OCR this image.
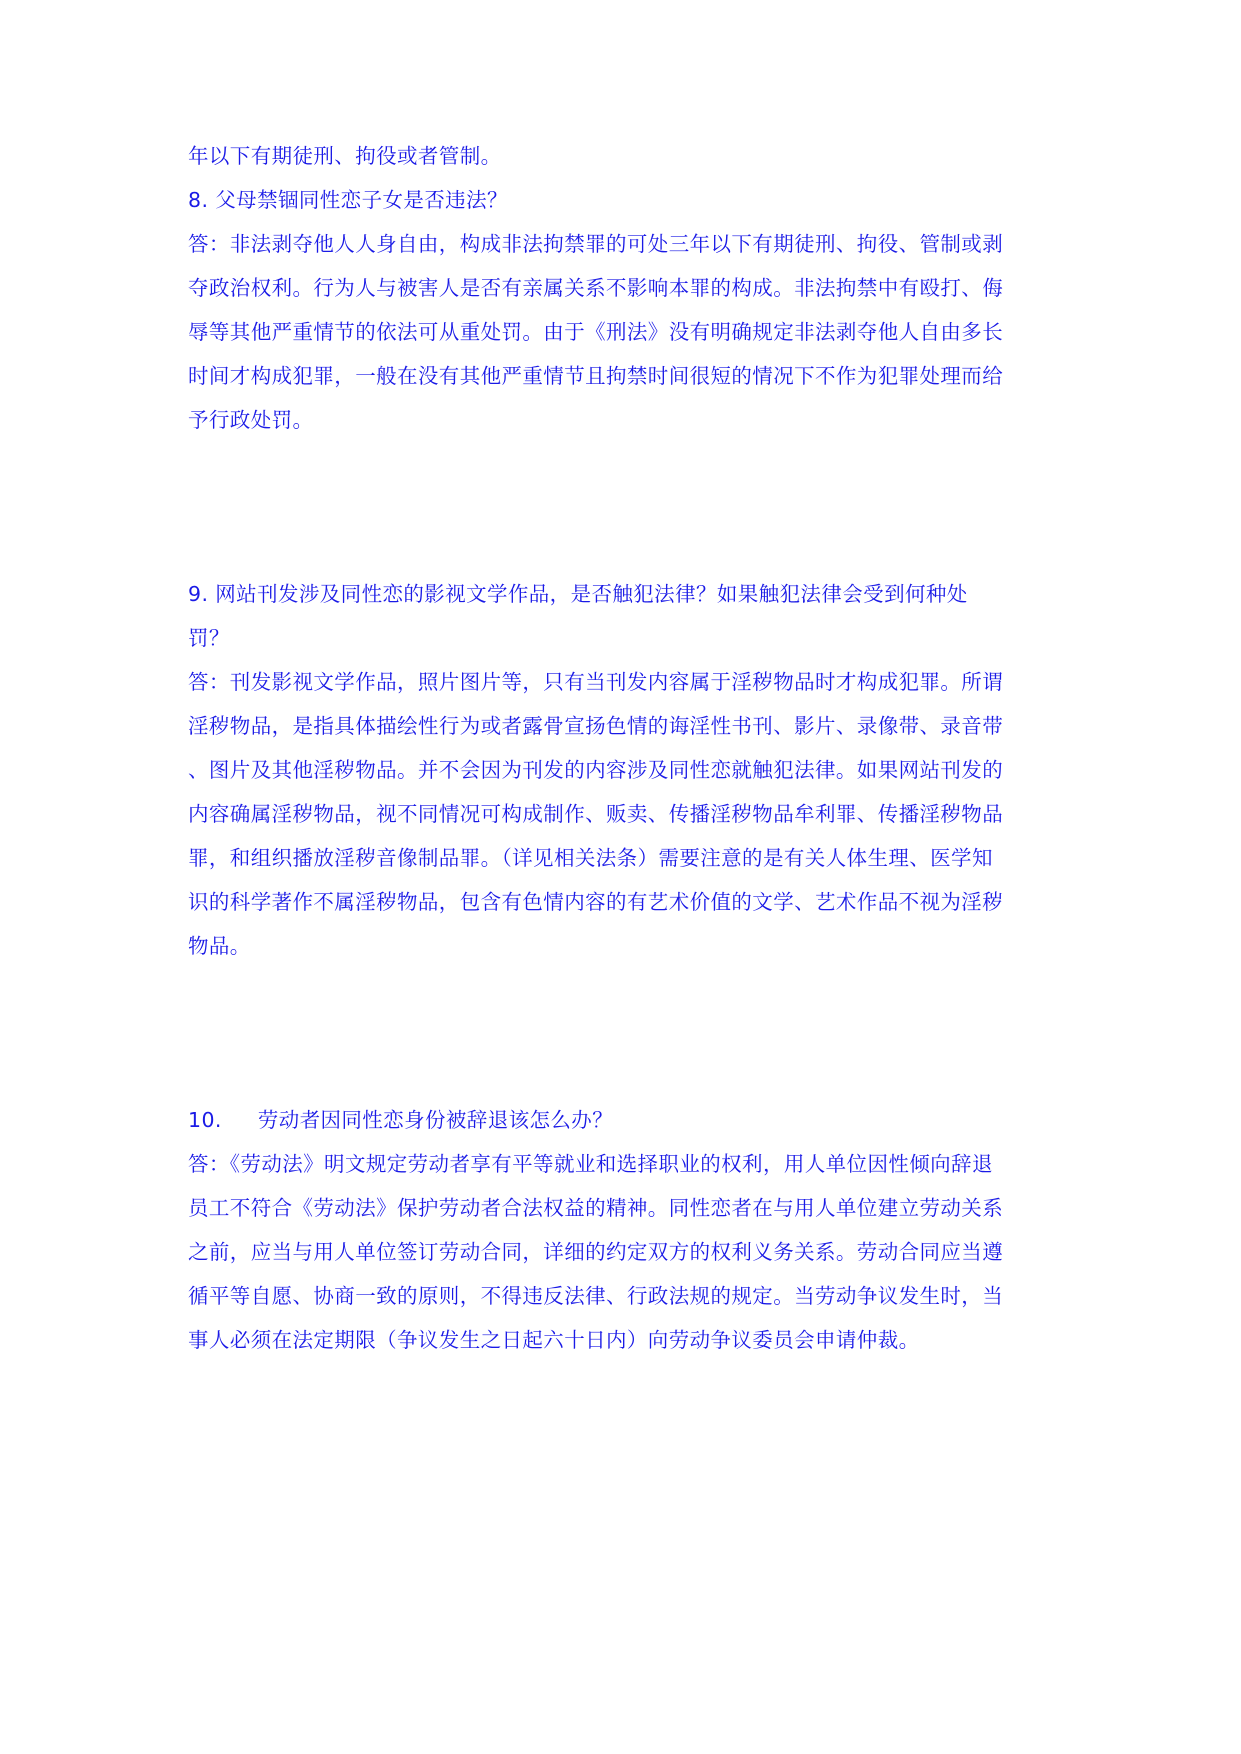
年以下有期徒刑、拘役或者管制。
8. 父母禁锢同性恋子女是否违法？
答：非法剥夺他人人身自由，构成非法拘禁罪的可处三年以下有期徒刑、拘役、管制或剥
夺政治权利。行为人与被害人是否有亲属关系不影响本罪的构成。非法拘禁中有殴打、侮
辱等其他严重情节的依法可从重处罚。由于《刑法》没有明确规定非法剥夺他人自由多长
时间才构成犯罪，一般在没有其他严重情节且拘禁时间很短的情况下不作为犯罪处理而给
予行政处罚。
9. 网站刊发涉及同性恋的影视文学作品，是否触犯法律？如果触犯法律会受到何种处
罚？
答：刊发影视文学作品，照片图片等，只有当刊发内容属于淫秽物品时才构成犯罪。所谓
淫秽物品，是指具体描绘性行为或者露骨宣扬色情的诲淫性书刊、影片、录像带、录音带
、图片及其他淫秽物品。并不会因为刊发的内容涉及同性恋就触犯法律。如果网站刊发的
内容确属淫秽物品，视不同情况可构成制作、贩卖、传播淫秽物品牟利罪、传播淫秽物品
罪，和组织播放淫秽音像制品罪。（详见相关法条）需要注意的是有关人体生理、医学知
识的科学著作不属淫秽物品，包含有色情内容的有艺术价值的文学、艺术作品不视为淫秽
物品。
10. 劳动者因同性恋身份被辞退该怎么办？
答：《劳动法》明文规定劳动者享有平等就业和选择职业的权利，用人单位因性倾向辞退
员工不符合《劳动法》保护劳动者合法权益的精神。同性恋者在与用人单位建立劳动关系
之前，应当与用人单位签订劳动合同，详细的约定双方的权利义务关系。劳动合同应当遵
循平等自愿、协商一致的原则，不得违反法律、行政法规的规定。当劳动争议发生时，当
事人必须在法定期限（争议发生之日起六十日内）向劳动争议委员会申请仲裁。
